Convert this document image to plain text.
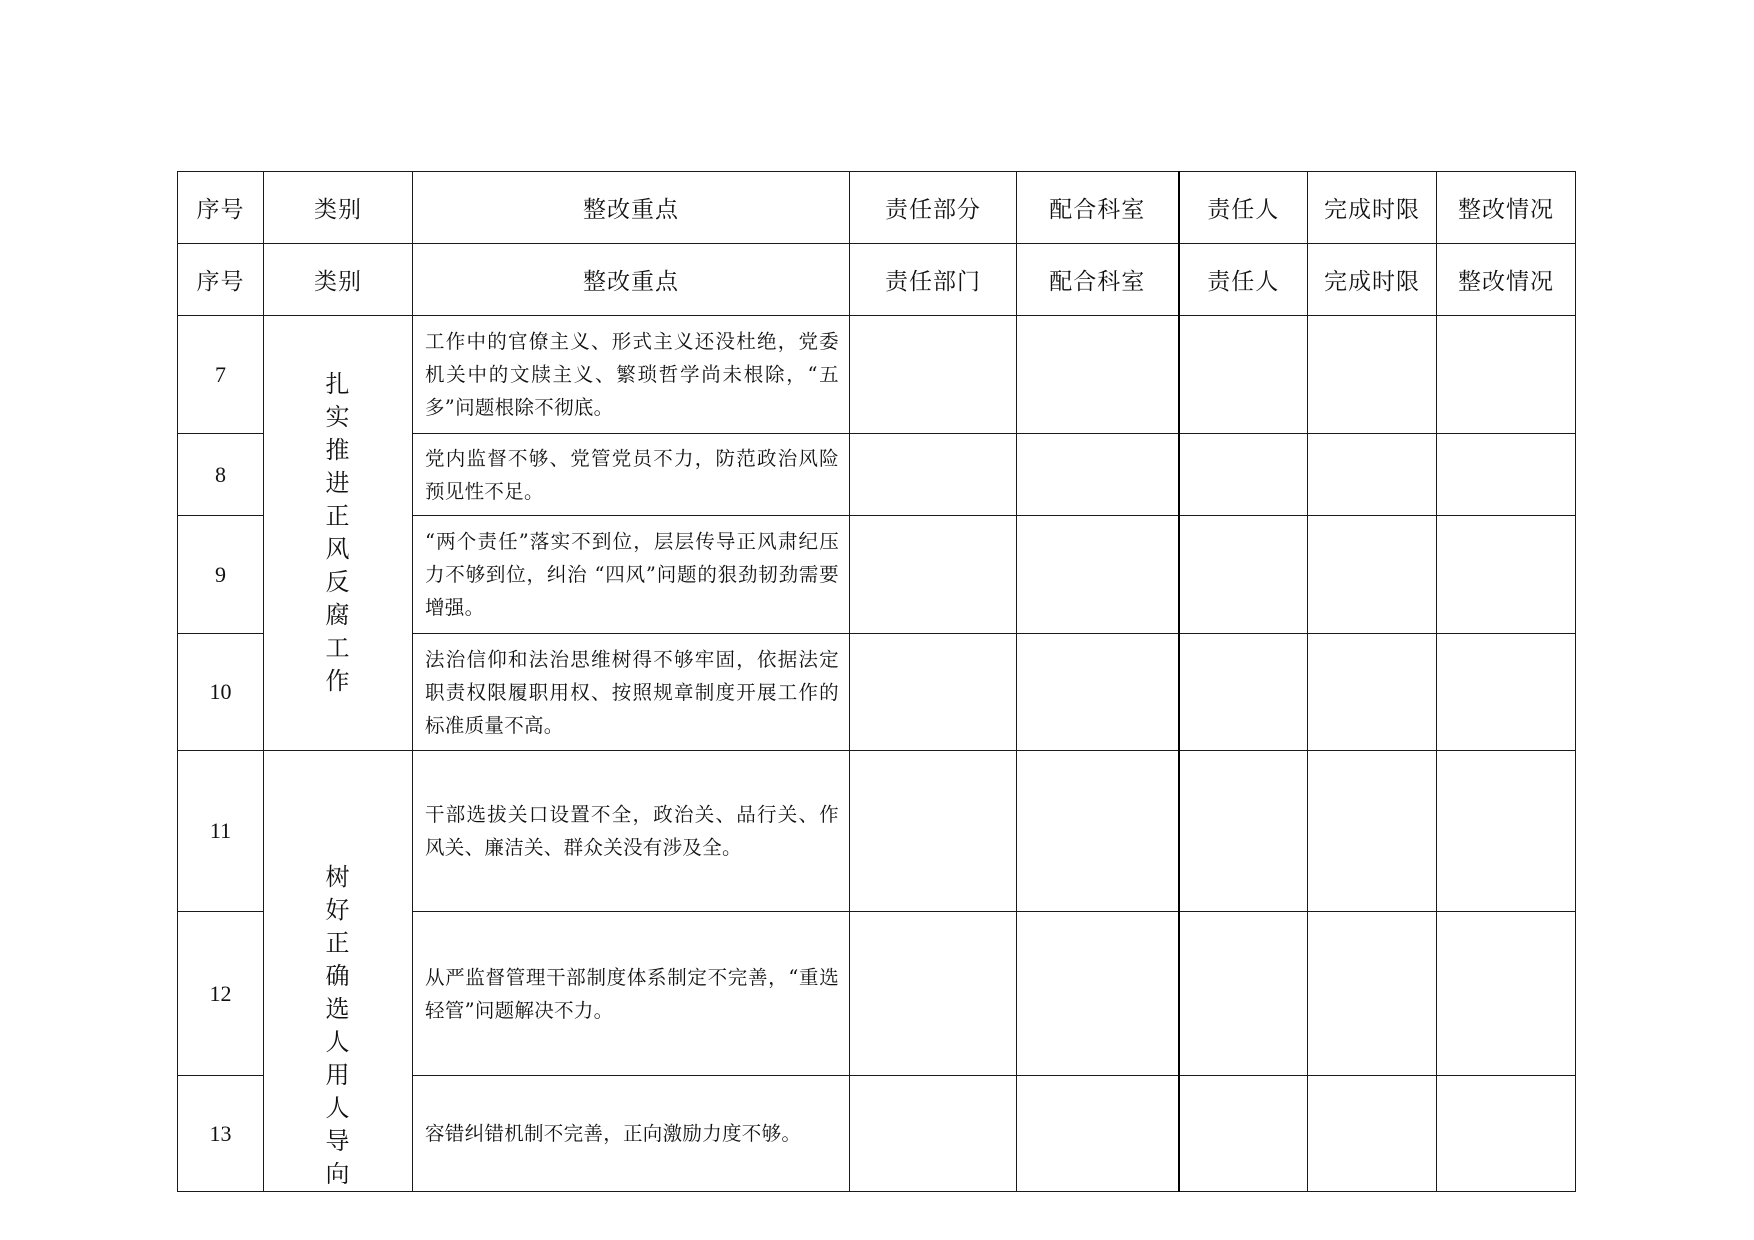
序号	类别	整改重点	责任部分	配合科室	责任人	完成时限	整改情况
序号	类别	整改重点	责任部门	配合科室	责任人	完成时限	整改情况
7	扎实推进正风反腐工作	工作中的官僚主义、形式主义还没杜绝，党委机关中的文牍主义、繁琐哲学尚未根除，“五多”问题根除不彻底。					

8		党内监督不够、党管党员不力，防范政治风险预见性不足。					

9		“两个责任”落实不到位，层层传导正风肃纪压力不够到位，纠治 “四风”问题的狠劲韧劲需要增强。					

10		法治信仰和法治思维树得不够牢固，依据法定职责权限履职用权、按照规章制度开展工作的标准质量不高。					

11	树好正确选人用人导向	干部选拔关口设置不全，政治关、品行关、作风关、廉洁关、群众关没有涉及全。					

12		从严监督管理干部制度体系制定不完善，“重选轻管”问题解决不力。					

13		容错纠错机制不完善，正向激励力度不够。					
